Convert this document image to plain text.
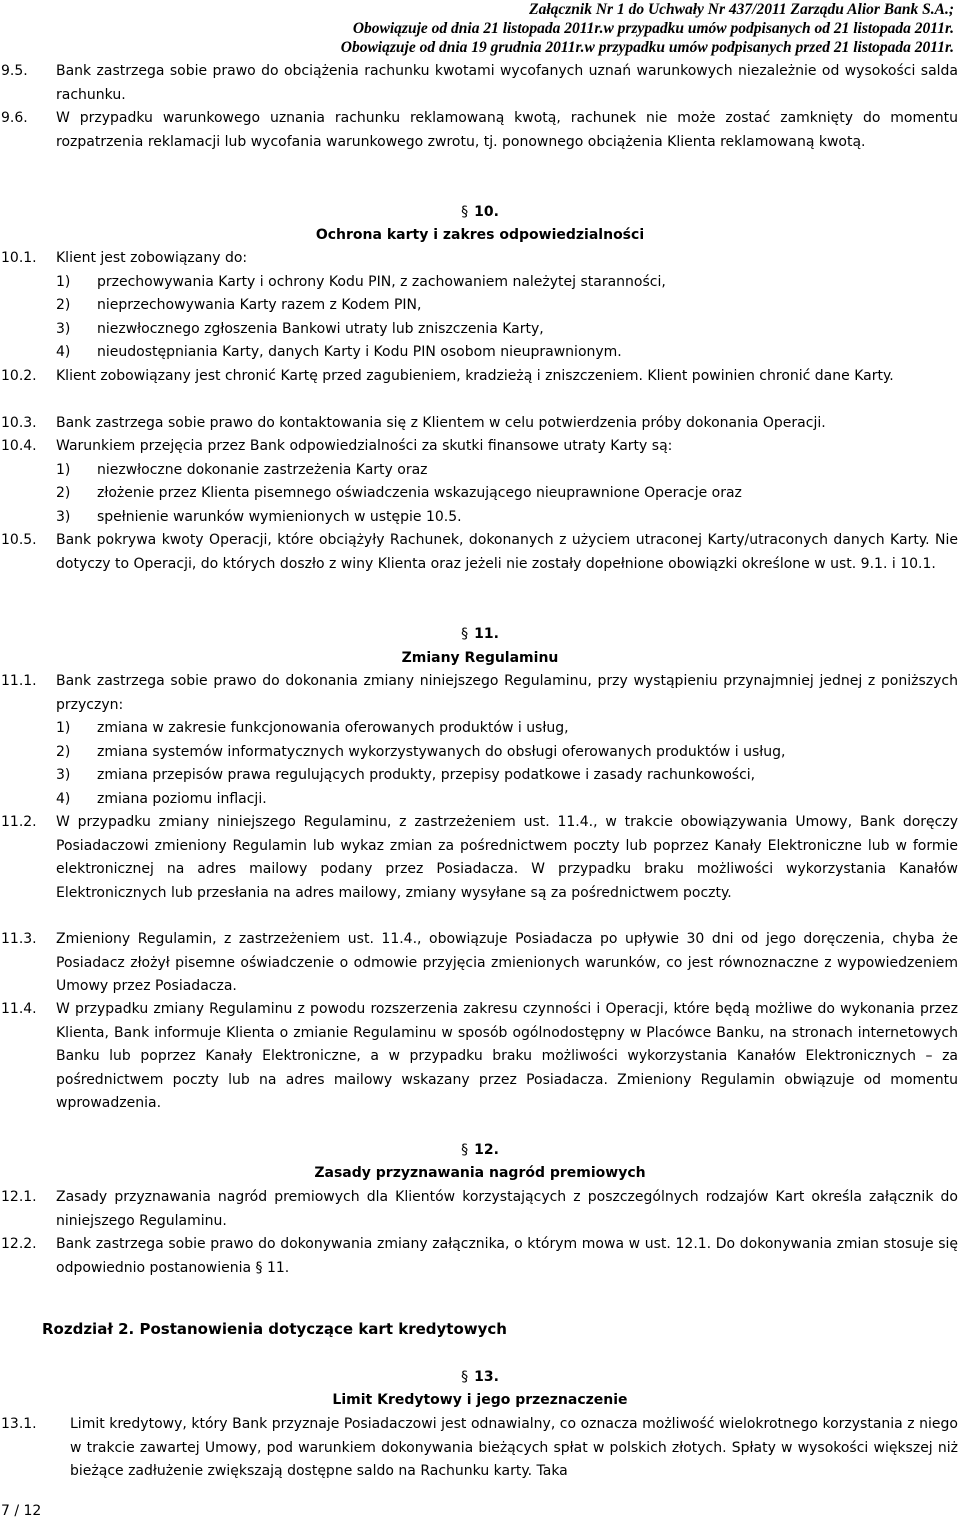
Załącznik Nr 1 do Uchwały Nr 437/2011 Zarządu Alior Bank S.A.;
Obowiązuje od dnia 21 listopada 2011r.w przypadku umów podpisanych od 21 listopada 2011r.
Obowiązuje od dnia 19 grudnia 2011r.w przypadku umów podpisanych przed 21 listopada 2011r.
9.5. Bank zastrzega sobie prawo do obciążenia rachunku kwotami wycofanych uznań warunkowych niezależnie od wysokości salda rachunku.
9.6. W przypadku warunkowego uznania rachunku reklamowaną kwotą, rachunek nie może zostać zamknięty do momentu rozpatrzenia reklamacji lub wycofania warunkowego zwrotu, tj. ponownego obciążenia Klienta reklamowaną kwotą.
§ 10.
Ochrona karty i zakres odpowiedzialności
10.1. Klient jest zobowiązany do:
1) przechowywania Karty i ochrony Kodu PIN, z zachowaniem należytej staranności,
2) nieprzechowywania Karty razem z Kodem PIN,
3) niezwłocznego zgłoszenia Bankowi utraty lub zniszczenia Karty,
4) nieudostępniania Karty, danych Karty i Kodu PIN osobom nieuprawnionym.
10.2. Klient zobowiązany jest chronić Kartę przed zagubieniem, kradzieżą i zniszczeniem. Klient powinien chronić dane Karty.
10.3. Bank zastrzega sobie prawo do kontaktowania się z Klientem w celu potwierdzenia próby dokonania Operacji.
10.4. Warunkiem przejęcia przez Bank odpowiedzialności za skutki finansowe utraty Karty są:
1) niezwłoczne dokonanie zastrzeżenia Karty oraz
2) złożenie przez Klienta pisemnego oświadczenia wskazującego nieuprawnione Operacje oraz
3) spełnienie warunków wymienionych w ustępie 10.5.
10.5. Bank pokrywa kwoty Operacji, które obciążyły Rachunek, dokonanych z użyciem utraconej Karty/utraconych danych Karty. Nie dotyczy to Operacji, do których doszło z winy Klienta oraz jeżeli nie zostały dopełnione obowiązki określone w ust. 9.1. i 10.1.
§ 11.
Zmiany Regulaminu
11.1. Bank zastrzega sobie prawo do dokonania zmiany niniejszego Regulaminu, przy wystąpieniu przynajmniej jednej z poniższych przyczyn:
1) zmiana w zakresie funkcjonowania oferowanych produktów i usług,
2) zmiana systemów informatycznych wykorzystywanych do obsługi oferowanych produktów i usług,
3) zmiana przepisów prawa regulujących produkty, przepisy podatkowe i zasady rachunkowości,
4) zmiana poziomu inflacji.
11.2. W przypadku zmiany niniejszego Regulaminu, z zastrzeżeniem ust. 11.4., w trakcie obowiązywania Umowy, Bank doręczy Posiadaczowi zmieniony Regulamin lub wykaz zmian za pośrednictwem poczty lub poprzez Kanały Elektroniczne lub w formie elektronicznej na adres mailowy podany przez Posiadacza. W przypadku braku możliwości wykorzystania Kanałów Elektronicznych lub przesłania na adres mailowy, zmiany wysyłane są za pośrednictwem poczty.
11.3. Zmieniony Regulamin, z zastrzeżeniem ust. 11.4., obowiązuje Posiadacza po upływie 30 dni od jego doręczenia, chyba że Posiadacz złożył pisemne oświadczenie o odmowie przyjęcia zmienionych warunków, co jest równoznaczne z wypowiedzeniem Umowy przez Posiadacza.
11.4. W przypadku zmiany Regulaminu z powodu rozszerzenia zakresu czynności i Operacji, które będą możliwe do wykonania przez Klienta, Bank informuje Klienta o zmianie Regulaminu w sposób ogólnodostępny w Placówce Banku, na stronach internetowych Banku lub poprzez Kanały Elektroniczne, a w przypadku braku możliwości wykorzystania Kanałów Elektronicznych – za pośrednictwem poczty lub na adres mailowy wskazany przez Posiadacza. Zmieniony Regulamin obwiązuje od momentu wprowadzenia.
§ 12.
Zasady przyznawania nagród premiowych
12.1. Zasady przyznawania nagród premiowych dla Klientów korzystających z poszczególnych rodzajów Kart określa załącznik do niniejszego Regulaminu.
12.2. Bank zastrzega sobie prawo do dokonywania zmiany załącznika, o którym mowa w ust. 12.1. Do dokonywania zmian stosuje się odpowiednio postanowienia § 11.
Rozdział 2. Postanowienia dotyczące kart kredytowych
§ 13.
Limit Kredytowy i jego przeznaczenie
13.1. Limit kredytowy, który Bank przyznaje Posiadaczowi jest odnawialny, co oznacza możliwość wielokrotnego korzystania z niego w trakcie zawartej Umowy, pod warunkiem dokonywania bieżących spłat w polskich złotych. Spłaty w wysokości większej niż bieżące zadłużenie zwiększają dostępne saldo na Rachunku karty. Taka
7 / 12
